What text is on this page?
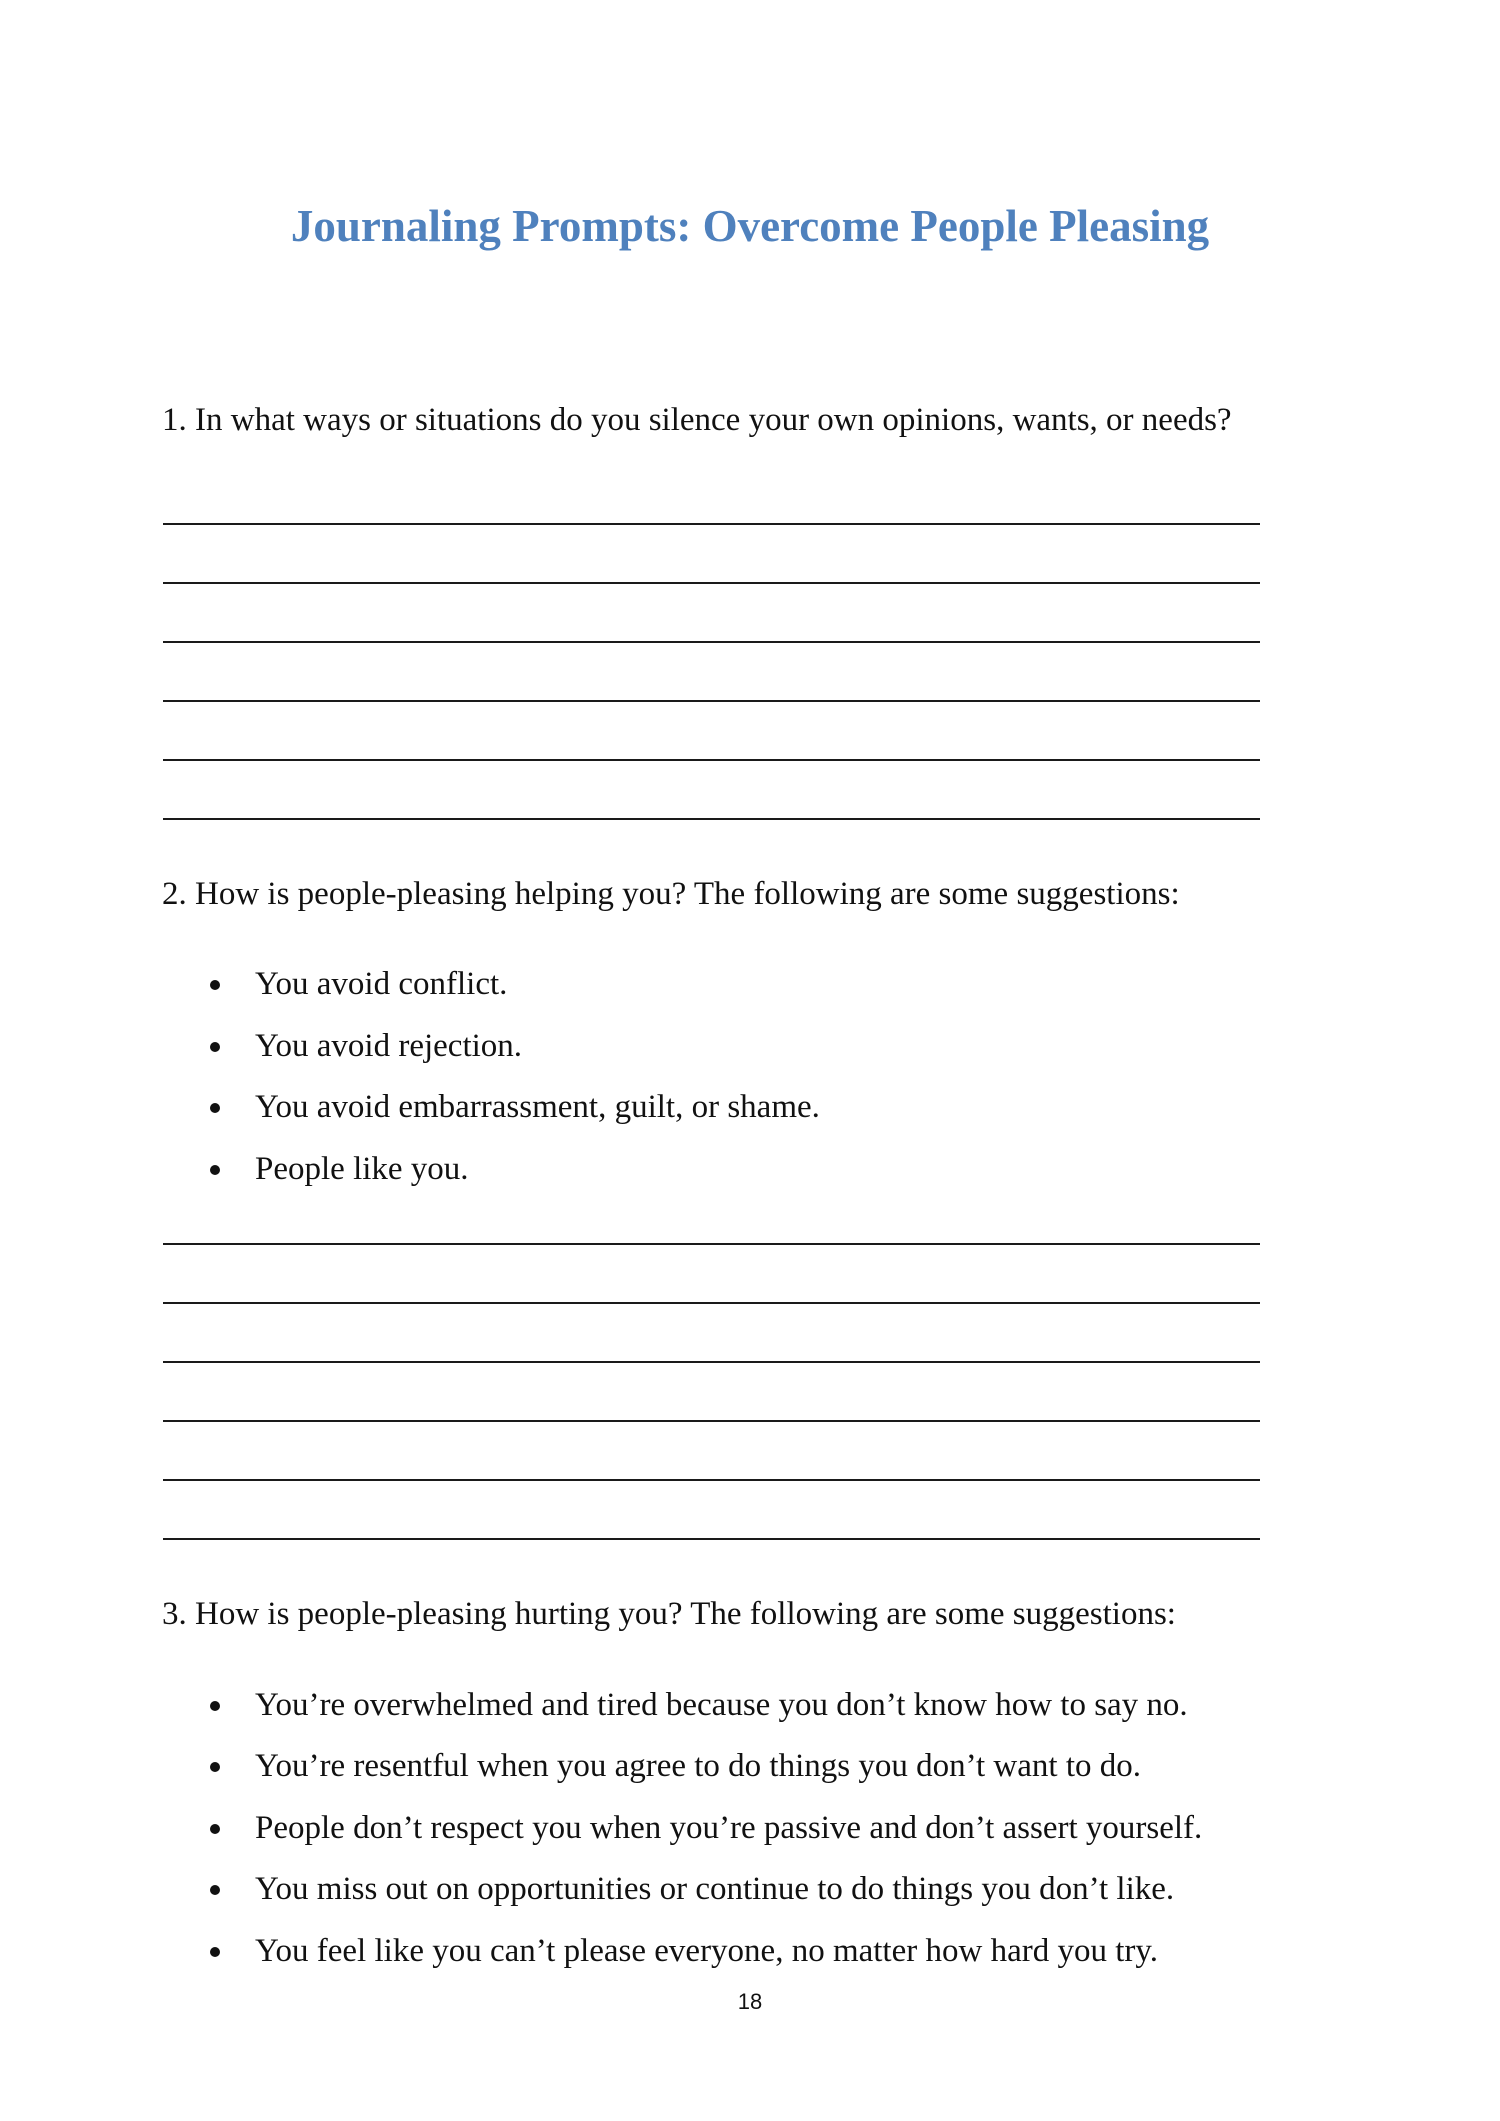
Journaling Prompts: Overcome People Pleasing
1. In what ways or situations do you silence your own opinions, wants, or needs?
2. How is people-pleasing helping you? The following are some suggestions:
You avoid conflict.
You avoid rejection.
You avoid embarrassment, guilt, or shame.
People like you.
3. How is people-pleasing hurting you? The following are some suggestions:
You’re overwhelmed and tired because you don’t know how to say no.
You’re resentful when you agree to do things you don’t want to do.
People don’t respect you when you’re passive and don’t assert yourself.
You miss out on opportunities or continue to do things you don’t like.
You feel like you can’t please everyone, no matter how hard you try.
18
